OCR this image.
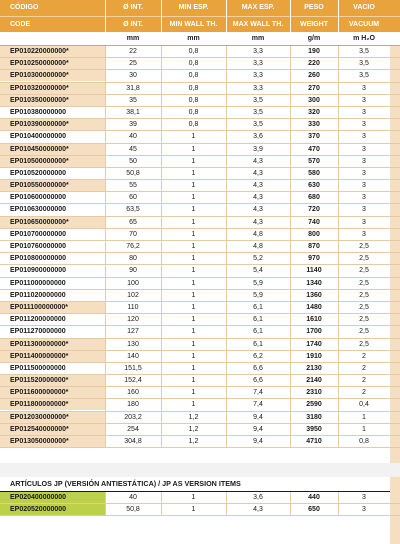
CÓDIGO	Ø INT.	MIN ESP.	MAX ESP.	PESO	VACIO
CODE	Ø INT.	MIN WALL TH.	MAX WALL TH.	WEIGHT	VACUUM
mm	mm	mm	g/m	m H₂O
EP010220000000*	22	0,8	3,3	190	3,5
EP010250000000*	25	0,8	3,3	220	3,5
EP010300000000*	30	0,8	3,3	260	3,5
EP010320000000*	31,8	0,8	3,3	270	3
EP010350000000*	35	0,8	3,5	300	3
EP010380000000	38,1	0,8	3,5	320	3
EP010390000000*	39	0,8	3,5	330	3
EP010400000000	40	1	3,6	370	3
EP010450000000*	45	1	3,9	470	3
EP010500000000*	50	1	4,3	570	3
EP010520000000	50,8	1	4,3	580	3
EP010550000000*	55	1	4,3	630	3
EP010600000000	60	1	4,3	680	3
EP010630000000	63,5	1	4,3	720	3
EP010650000000*	65	1	4,3	740	3
EP010700000000	70	1	4,8	800	3
EP010760000000	76,2	1	4,8	870	2,5
EP010800000000	80	1	5,2	970	2,5
EP010900000000	90	1	5,4	1140	2,5
EP011000000000	100	1	5,9	1340	2,5
EP011020000000	102	1	5,9	1360	2,5
EP011100000000*	110	1	6,1	1480	2,5
EP011200000000	120	1	6,1	1610	2,5
EP011270000000	127	1	6,1	1700	2,5
EP011300000000*	130	1	6,1	1740	2,5
EP011400000000*	140	1	6,2	1910	2
EP011500000000	151,5	1	6,6	2130	2
EP011520000000*	152,4	1	6,6	2140	2
EP011600000000*	160	1	7,4	2310	2
EP011800000000*	180	1	7,4	2590	0,4
EP012030000000*	203,2	1,2	9,4	3180	1
EP012540000000*	254	1,2	9,4	3950	1
EP013050000000*	304,8	1,2	9,4	4710	0,8
ARTÍCULOS JP (VERSIÓN ANTIESTÁTICA) / JP AS VERSION ITEMS
EP020400000000	40	1	3,6	440	3
EP020520000000	50,8	1	4,3	650	3
